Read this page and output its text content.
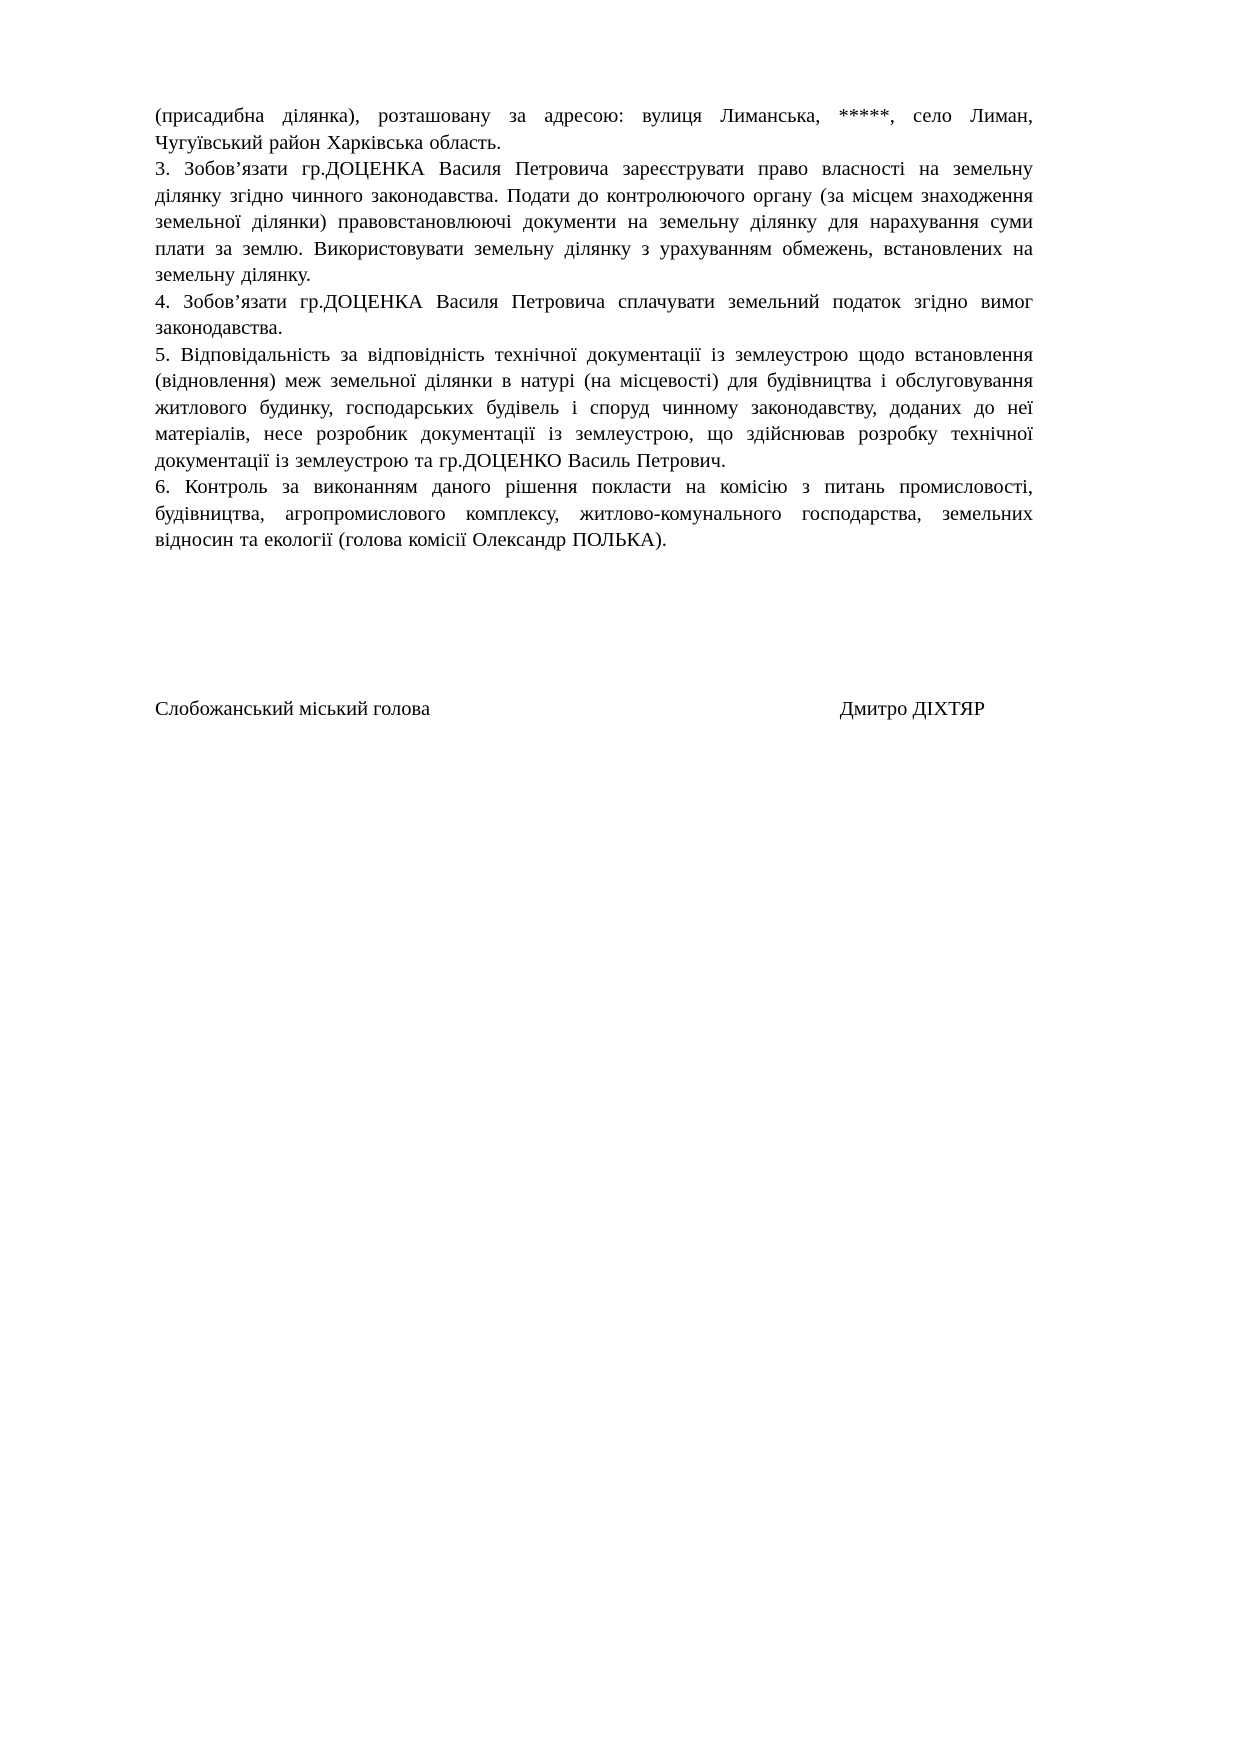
(присадибна ділянка), розташовану за адресою: вулиця Лиманська, *****, село Лиман, Чугуївський район Харківська область.

3. Зобов’язати гр.ДОЦЕНКА Василя Петровича зареєструвати право власності на земельну ділянку згідно чинного законодавства. Подати до контролюючого органу (за місцем знаходження земельної ділянки) правовстановлюючі документи на земельну ділянку для нарахування суми плати за землю. Використовувати земельну ділянку з урахуванням обмежень, встановлених на земельну ділянку.

4. Зобов’язати гр.ДОЦЕНКА Василя Петровича сплачувати земельний податок згідно вимог законодавства.

5. Відповідальність за відповідність технічної документації із землеустрою щодо встановлення (відновлення) меж земельної ділянки в натурі (на місцевості) для будівництва і обслуговування житлового будинку, господарських будівель і споруд чинному законодавству, доданих до неї матеріалів, несе розробник документації із землеустрою, що здійснював розробку технічної документації із землеустрою та гр.ДОЦЕНКО Василь Петрович.

6. Контроль за виконанням даного рішення покласти на комісію з питань промисловості, будівництва, агропромислового комплексу, житлово-комунального господарства, земельних відносин та екології (голова комісії Олександр ПОЛЬКА).

Слобожанський міський голова	Дмитро ДІХТЯР
